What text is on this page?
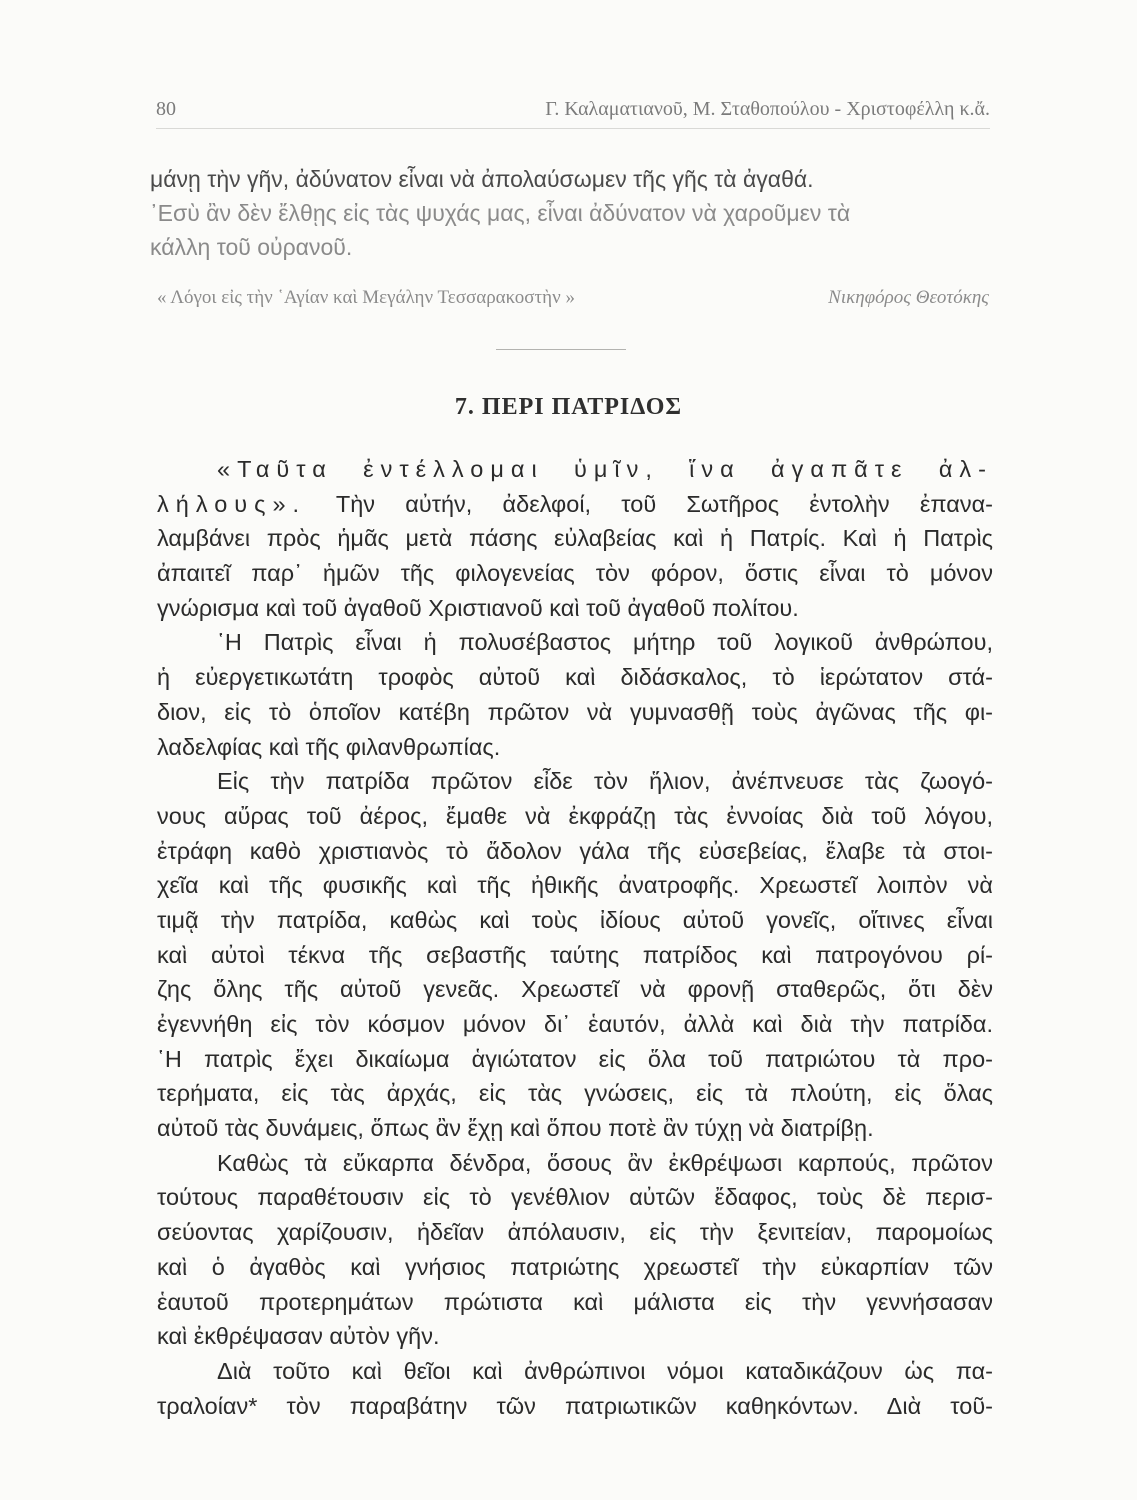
80	Γ. Καλαματιανοῦ, Μ. Σταθοπούλου - Χριστοφέλλη κ.ἄ.
μάνῃ τὴν γῆν, ἀδύνατον εἶναι νὰ ἀπολαύσωμεν τῆς γῆς τὰ ἀγαθά.
᾿Εσὺ ἂν δὲν ἔλθῃς εἰς τὰς ψυχάς μας, εἶναι ἀδύνατον νὰ χαροῦμεν τὰ
κάλλη τοῦ οὐρανοῦ.
« Λόγοι εἰς τὴν ῾Αγίαν καὶ Μεγάλην Τεσσαρακοστὴν »	Νικηφόρος Θεοτόκης
7. ΠΕΡΙ ΠΑΤΡΙΔΟΣ
«Ταῦτα ἐντέλλομαι ὑμῖν, ἵνα ἀγαπᾶτε ἀλ-
λήλους». Τὴν αὐτήν, ἀδελφοί, τοῦ Σωτῆρος ἐντολὴν ἐπανα-
λαμβάνει πρὸς ἡμᾶς μετὰ πάσης εὐλαβείας καὶ ἡ Πατρίς. Καὶ ἡ Πατρὶς
ἀπαιτεῖ παρ᾿ ἡμῶν τῆς φιλογενείας τὸν φόρον, ὅστις εἶναι τὸ μόνον
γνώρισμα καὶ τοῦ ἀγαθοῦ Χριστιανοῦ καὶ τοῦ ἀγαθοῦ πολίτου.
῾Η Πατρὶς εἶναι ἡ πολυσέβαστος μήτηρ τοῦ λογικοῦ ἀνθρώπου,
ἡ εὐεργετικωτάτη τροφὸς αὐτοῦ καὶ διδάσκαλος, τὸ ἱερώτατον στά-
διον, εἰς τὸ ὁποῖον κατέβη πρῶτον νὰ γυμνασθῇ τοὺς ἀγῶνας τῆς φι-
λαδελφίας καὶ τῆς φιλανθρωπίας.
Εἰς τὴν πατρίδα πρῶτον εἶδε τὸν ἥλιον, ἀνέπνευσε τὰς ζωογό-
νους αὔρας τοῦ ἀέρος, ἔμαθε νὰ ἐκφράζῃ τὰς ἐννοίας διὰ τοῦ λόγου,
ἐτράφη καθὸ χριστιανὸς τὸ ἄδολον γάλα τῆς εὐσεβείας, ἔλαβε τὰ στοι-
χεῖα καὶ τῆς φυσικῆς καὶ τῆς ἠθικῆς ἀνατροφῆς. Χρεωστεῖ λοιπὸν νὰ
τιμᾷ τὴν πατρίδα, καθὼς καὶ τοὺς ἰδίους αὐτοῦ γονεῖς, οἵτινες εἶναι
καὶ αὐτοὶ τέκνα τῆς σεβαστῆς ταύτης πατρίδος καὶ πατρογόνου ρί-
ζης ὅλης τῆς αὐτοῦ γενεᾶς. Χρεωστεῖ νὰ φρονῇ σταθερῶς, ὅτι δὲν
ἐγεννήθη εἰς τὸν κόσμον μόνον δι᾿ ἑαυτόν, ἀλλὰ καὶ διὰ τὴν πατρίδα.
῾Η πατρὶς ἔχει δικαίωμα ἁγιώτατον εἰς ὅλα τοῦ πατριώτου τὰ προ-
τερήματα, εἰς τὰς ἀρχάς, εἰς τὰς γνώσεις, εἰς τὰ πλούτη, εἰς ὅλας
αὐτοῦ τὰς δυνάμεις, ὅπως ἂν ἔχῃ καὶ ὅπου ποτὲ ἂν τύχῃ νὰ διατρίβῃ.
Καθὼς τὰ εὔκαρπα δένδρα, ὅσους ἂν ἐκθρέψωσι καρπούς, πρῶτον
τούτους παραθέτουσιν εἰς τὸ γενέθλιον αὐτῶν ἔδαφος, τοὺς δὲ περισ-
σεύοντας χαρίζουσιν, ἡδεῖαν ἀπόλαυσιν, εἰς τὴν ξενιτείαν, παρομοίως
καὶ ὁ ἀγαθὸς καὶ γνήσιος πατριώτης χρεωστεῖ τὴν εὐκαρπίαν τῶν
ἑαυτοῦ προτερημάτων πρώτιστα καὶ μάλιστα εἰς τὴν γεννήσασαν
καὶ ἐκθρέψασαν αὐτὸν γῆν.
Διὰ τοῦτο καὶ θεῖοι καὶ ἀνθρώπινοι νόμοι καταδικάζουν ὡς πα-
τραλοίαν* τὸν παραβάτην τῶν πατριωτικῶν καθηκόντων. Διὰ τοῦ-
